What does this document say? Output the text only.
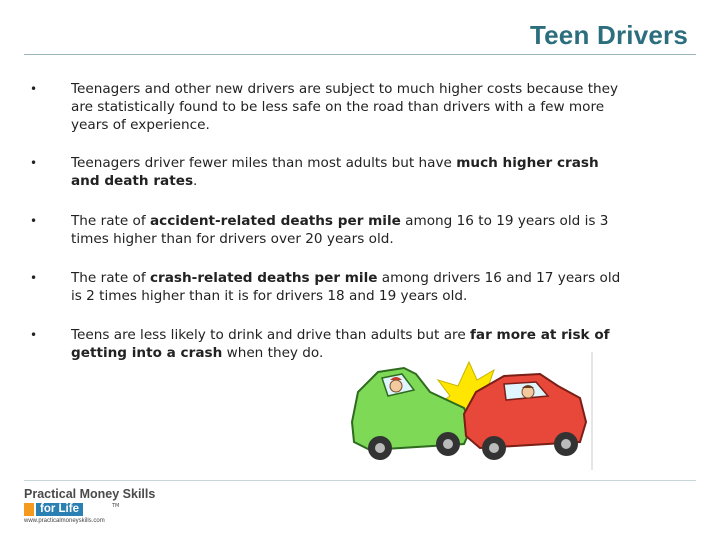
Teen Drivers
• Teenagers and other new drivers are subject to much higher costs because they are statistically found to be less safe on the road than drivers with a few more years of experience.
• Teenagers driver fewer miles than most adults but have much higher crash and death rates.
• The rate of accident-related deaths per mile among 16 to 19 years old is 3 times higher than for drivers over 20 years old.
• The rate of crash-related deaths per mile among drivers 16 and 17 years old is 2 times higher than it is for drivers 18 and 19 years old.
• Teens are less likely to drink and drive than adults but are far more at risk of getting into a crash when they do.
Practical Money Skills
for Life	TM
www.practicalmoneyskills.com
